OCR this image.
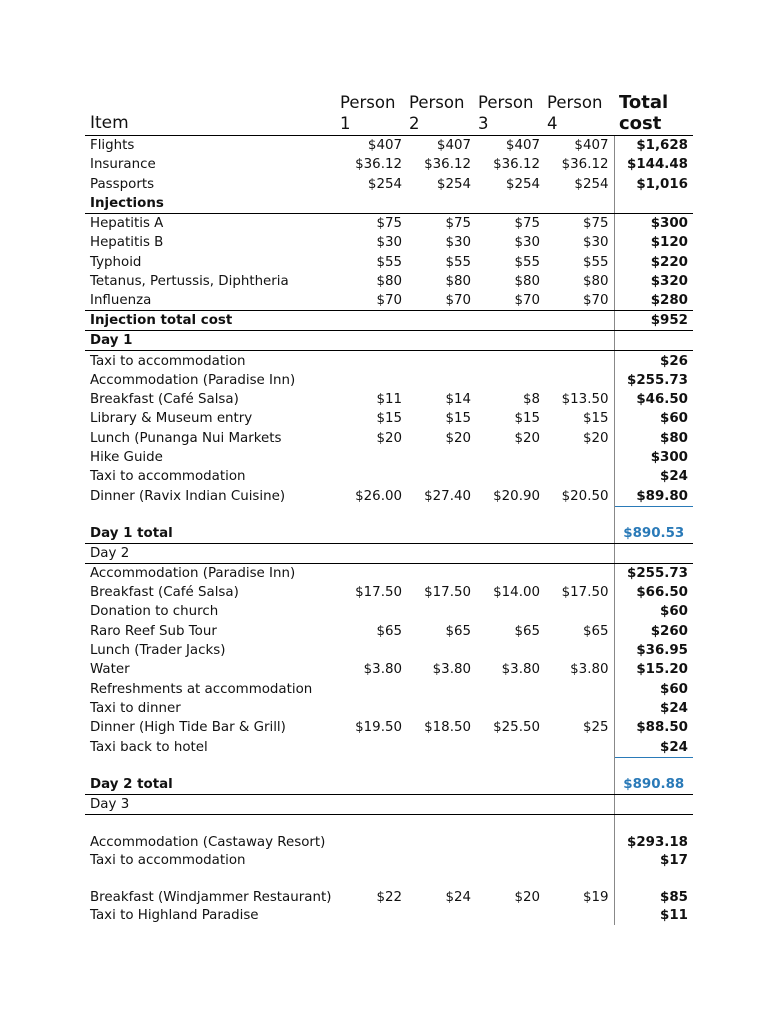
Item	Person 1	Person 2	Person 3	Person 4	Total cost
Flights	$407	$407	$407	$407	$1,628
Insurance	$36.12	$36.12	$36.12	$36.12	$144.48
Passports	$254	$254	$254	$254	$1,016
Injections					
Hepatitis A	$75	$75	$75	$75	$300
Hepatitis B	$30	$30	$30	$30	$120
Typhoid	$55	$55	$55	$55	$220
Tetanus, Pertussis, Diphtheria	$80	$80	$80	$80	$320
Influenza	$70	$70	$70	$70	$280
Injection total cost					$952
Day 1					
Taxi to accommodation					$26
Accommodation (Paradise Inn)					$255.73
Breakfast (Café Salsa)	$11	$14	$8	$13.50	$46.50
Library & Museum entry	$15	$15	$15	$15	$60
Lunch (Punanga Nui Markets	$20	$20	$20	$20	$80
Hike Guide					$300
Taxi to accommodation					$24
Dinner (Ravix Indian Cuisine)	$26.00	$27.40	$20.90	$20.50	$89.80
Day 1 total					$890.53
Day 2					
Accommodation (Paradise Inn)					$255.73
Breakfast (Café Salsa)	$17.50	$17.50	$14.00	$17.50	$66.50
Donation to church					$60
Raro Reef Sub Tour	$65	$65	$65	$65	$260
Lunch (Trader Jacks)					$36.95
Water	$3.80	$3.80	$3.80	$3.80	$15.20
Refreshments at accommodation					$60
Taxi to dinner					$24
Dinner (High Tide Bar & Grill)	$19.50	$18.50	$25.50	$25	$88.50
Taxi back to hotel					$24
Day 2 total					$890.88
Day 3					
Accommodation (Castaway Resort)					$293.18
Taxi to accommodation					$17
Breakfast (Windjammer Restaurant)	$22	$24	$20	$19	$85
Taxi to Highland Paradise					$11
